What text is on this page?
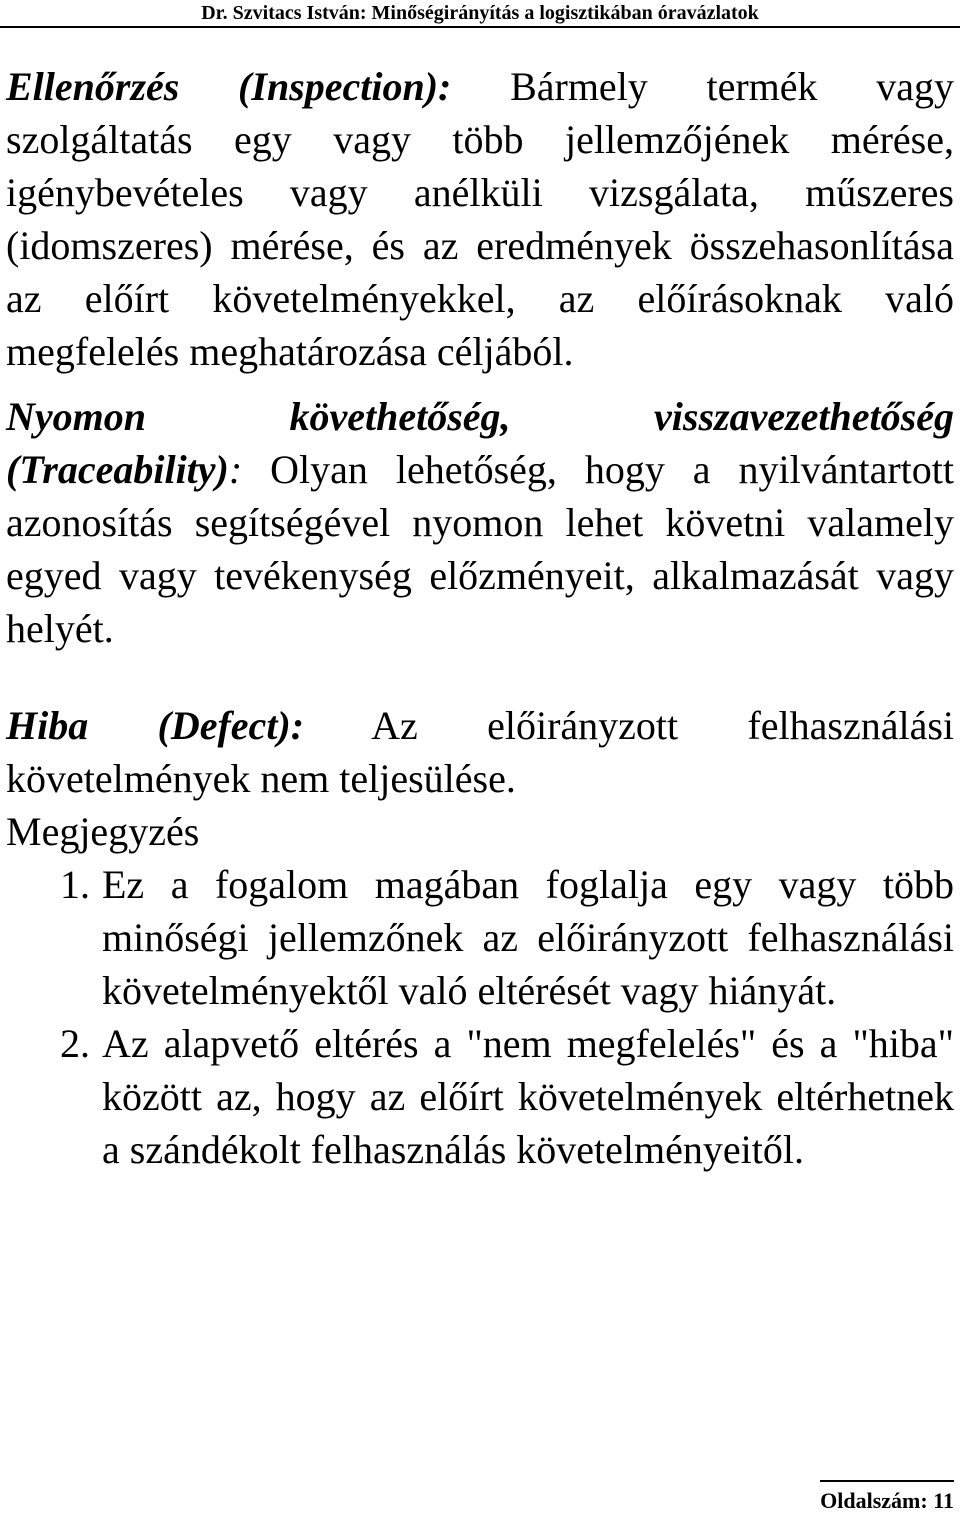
Dr. Szvitacs István: Minőségirányítás a logisztikában óravázlatok

Ellenőrzés (Inspection): Bármely termék vagy szolgáltatás egy vagy több jellemzőjének mérése, igénybevételes vagy anélküli vizsgálata, műszeres (idomszeres) mérése, és az eredmények összehasonlítása az előírt követelményekkel, az előírásoknak való megfelelés meghatározása céljából.

Nyomon	követhetőség,	visszavezethetőség

(Traceability): Olyan lehetőség, hogy a nyilvántartott azonosítás segítségével nyomon lehet követni valamely egyed vagy tevékenység előzményeit, alkalmazását vagy helyét.

Hiba (Defect): Az előirányzott felhasználási követelmények nem teljesülése.

Megjegyzés

1. Ez a fogalom magában foglalja egy vagy több minőségi jellemzőnek az előirányzott felhasználási követelményektől való eltérését vagy hiányát.
2. Az alapvető eltérés a "nem megfelelés" és a "hiba" között az, hogy az előírt követelmények eltérhetnek a szándékolt felhasználás követelményeitől.
Oldalszám: 11
